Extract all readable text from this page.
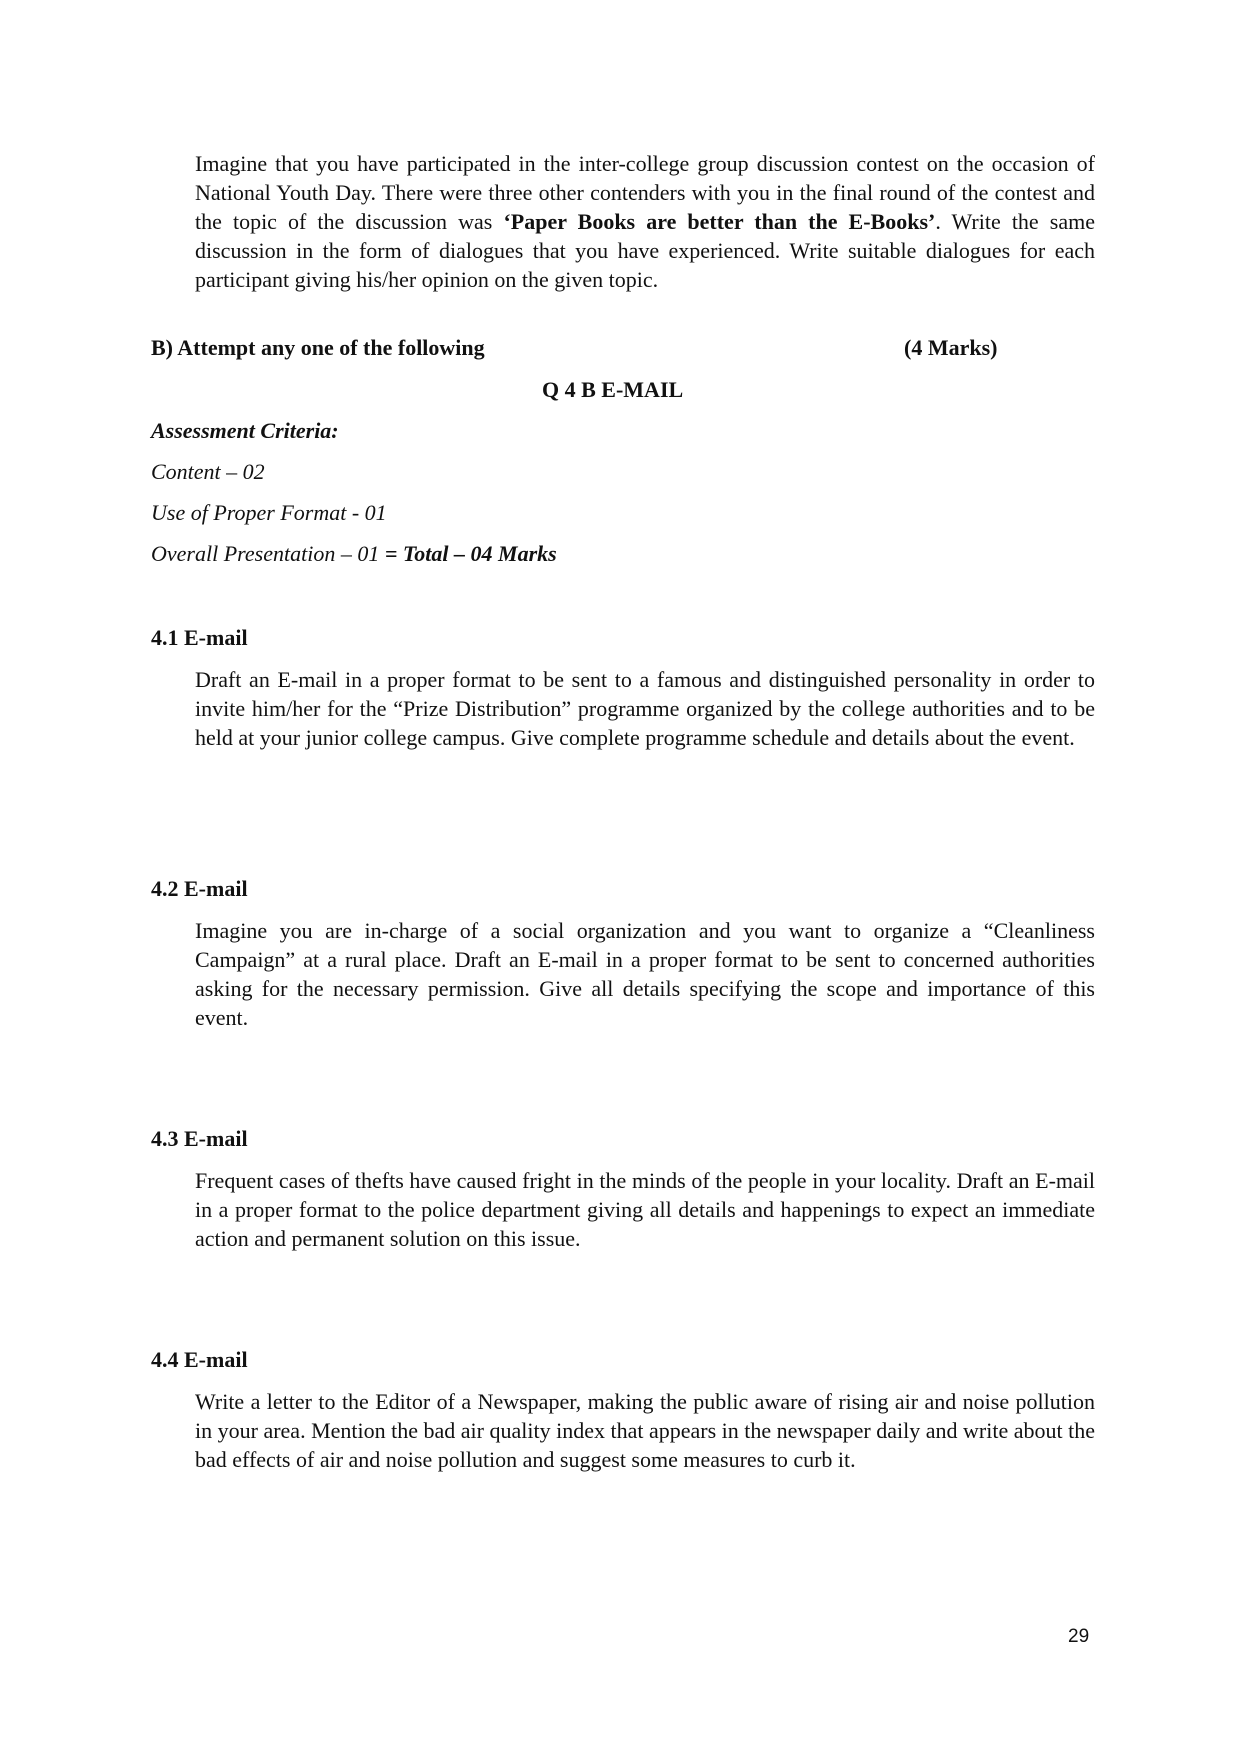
Imagine that you have participated in the inter-college group discussion contest on the occasion of National Youth Day. There were three other contenders with you in the final round of the contest and the topic of the discussion was ‘Paper Books are better than the E-Books’. Write the same discussion in the form of dialogues that you have experienced. Write suitable dialogues for each participant giving his/her opinion on the given topic.
B) Attempt any one of the following	(4 Marks)
Q 4 B E-MAIL
Assessment Criteria:
Content – 02
Use of Proper Format - 01
Overall Presentation – 01 = Total – 04 Marks
4.1 E-mail
Draft an E-mail in a proper format to be sent to a famous and distinguished personality in order to invite him/her for the “Prize Distribution” programme organized by the college authorities and to be held at your junior college campus. Give complete programme schedule and details about the event.
4.2 E-mail
Imagine you are in-charge of a social organization and you want to organize a “Cleanliness Campaign” at a rural place. Draft an E-mail in a proper format to be sent to concerned authorities asking for the necessary permission. Give all details specifying the scope and importance of this event.
4.3 E-mail
Frequent cases of thefts have caused fright in the minds of the people in your locality. Draft an E-mail in a proper format to the police department giving all details and happenings to expect an immediate action and permanent solution on this issue.
4.4 E-mail
Write a letter to the Editor of a Newspaper, making the public aware of rising air and noise pollution in your area. Mention the bad air quality index that appears in the newspaper daily and write about the bad effects of air and noise pollution and suggest some measures to curb it.
29
